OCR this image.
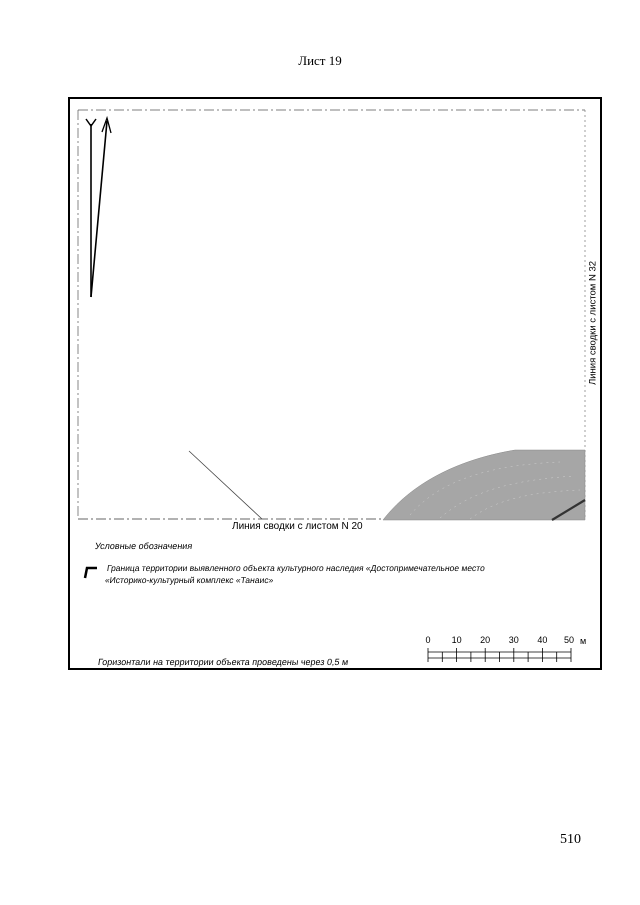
Лист 19
Линия сводки с листом N 32
Линия сводки с листом N 20
Условные обозначения
Граница территории выявленного объекта культурного наследия «Достопримечательное место
«Историко-культурный комплекс «Танаис»
Горизонтали на территории объекта проведены через 0,5 м
0 10 20 30 40 50 м
510
